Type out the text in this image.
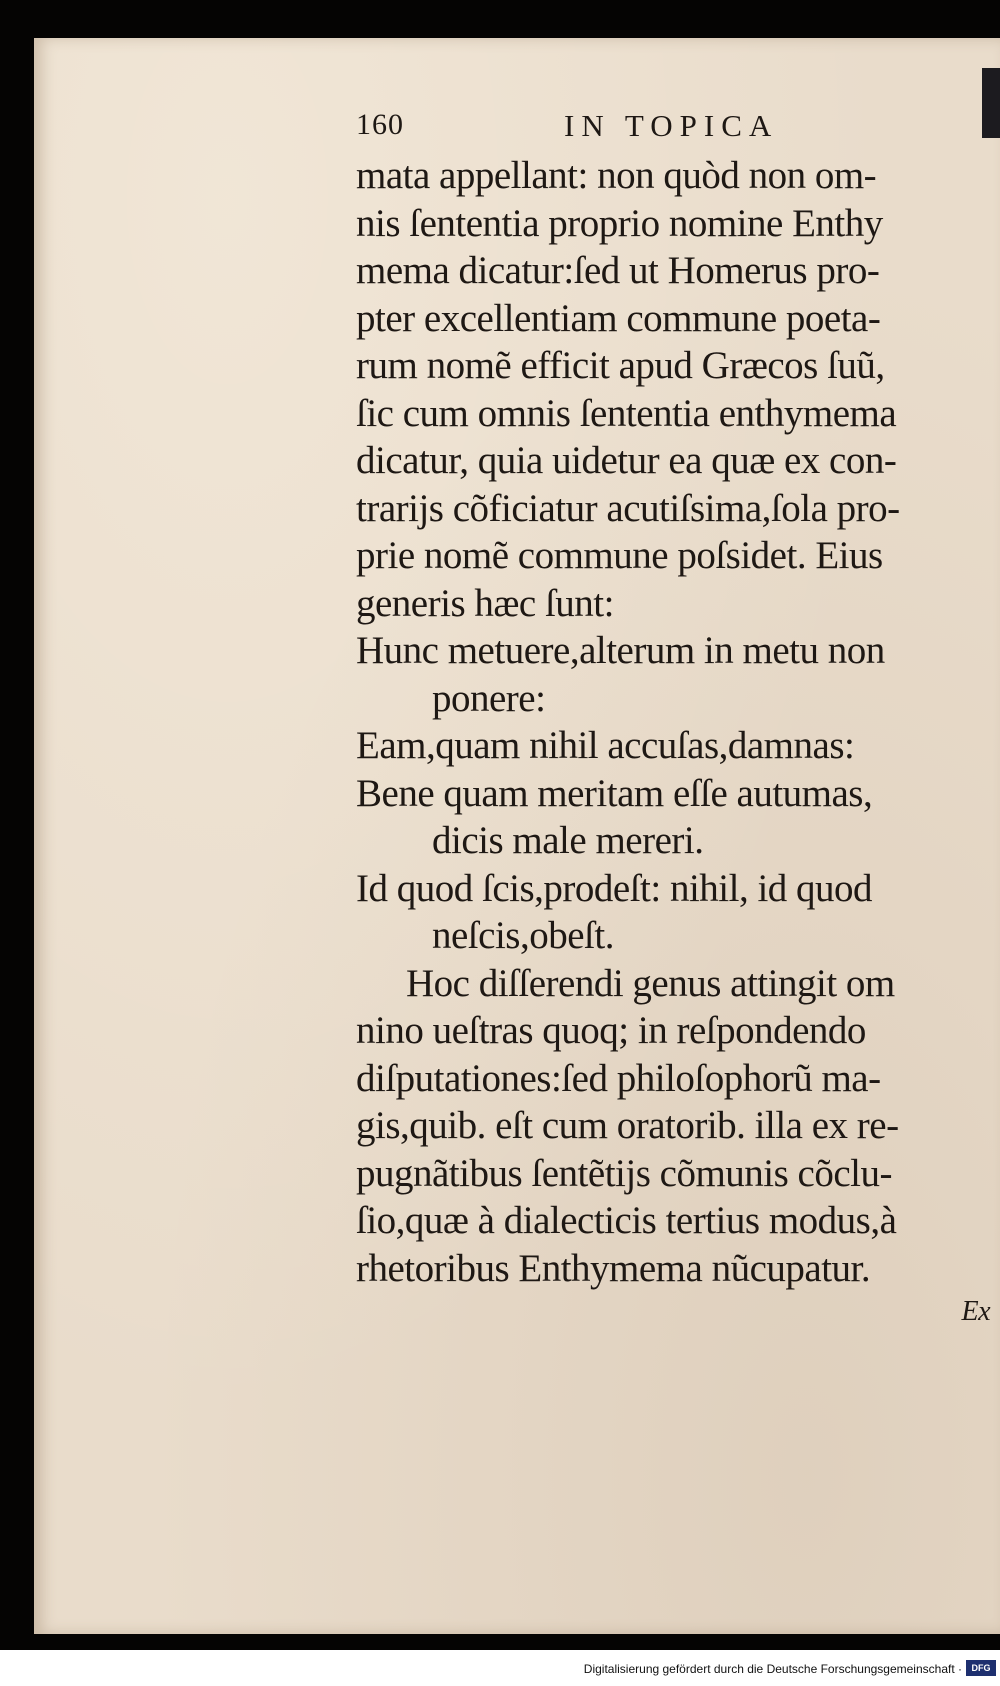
160	IN TOPICA
mata appellant: non quòd non om-
nis ſententia proprio nomine Enthy
mema dicatur:ſed ut Homerus pro-
pter excellentiam commune poeta-
rum nomẽ efficit apud Græcos ſuũ,
ſic cum omnis ſententia enthymema
dicatur, quia uidetur ea quæ ex con-
trarijs cõficiatur acutiſsima,ſola pro-
prie nomẽ commune poſsidet. Eius
generis hæc ſunt:
Hunc metuere,alterum in metu non
ponere:
Eam,quam nihil accuſas,damnas:
Bene quam meritam eſſe autumas,
dicis male mereri.
Id quod ſcis,prodeſt: nihil, id quod
neſcis,obeſt.
Hoc diſſerendi genus attingit om
nino ueſtras quoq; in reſpondendo
diſputationes:ſed philoſophorũ ma-
gis,quib. eſt cum oratorib. illa ex re-
pugnãtibus ſentẽtijs cõmunis cõclu-
ſio,quæ à dialecticis tertius modus,à
rhetoribus Enthymema nũcupatur.
Ex
Digitalisierung gefördert durch die Deutsche Forschungsgemeinschaft ·	DFG
